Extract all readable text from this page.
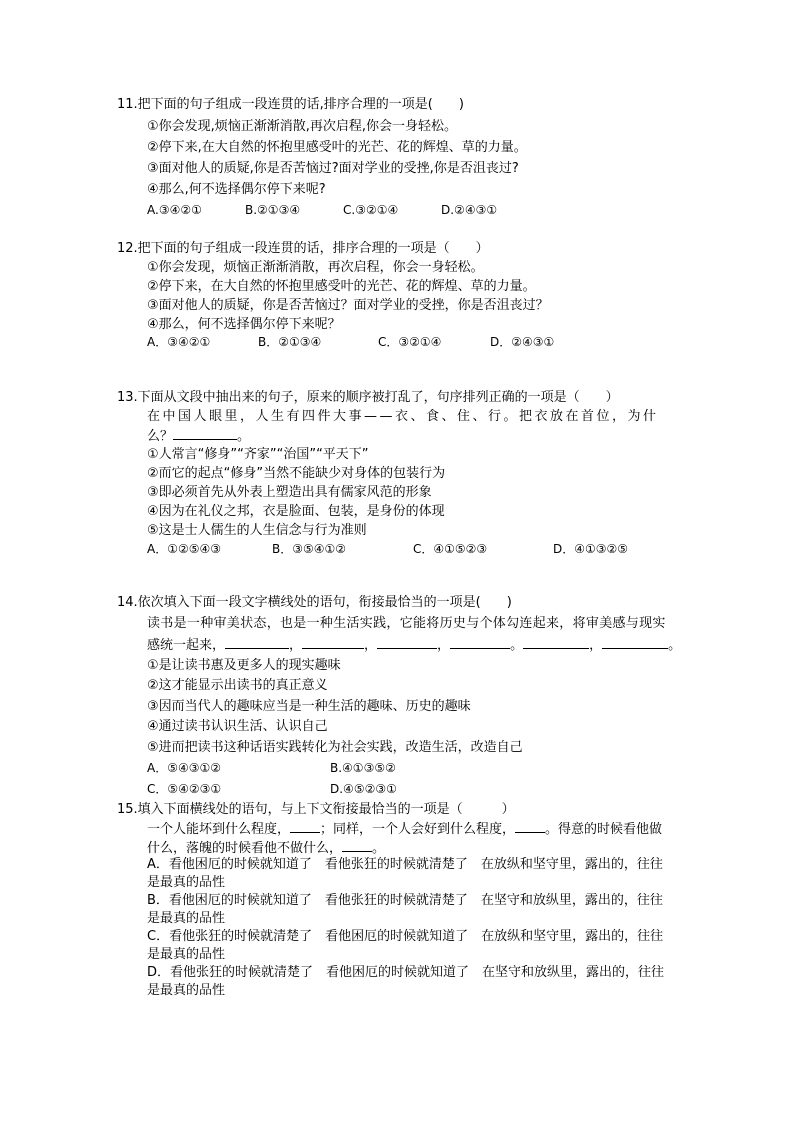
11.把下面的句子组成一段连贯的话,排序合理的一项是(　　)
①你会发现,烦恼正渐渐消散,再次启程,你会一身轻松。
②停下来,在大自然的怀抱里感受叶的光芒、花的辉煌、草的力量。
③面对他人的质疑,你是否苦恼过?面对学业的受挫,你是否沮丧过?
④那么,何不选择偶尔停下来呢?
A.③④②①	B.②①③④	C.③②①④	D.②④③①
12.把下面的句子组成一段连贯的话，排序合理的一项是（　　）
①你会发现，烦恼正渐渐消散，再次启程，你会一身轻松。
②停下来，在大自然的怀抱里感受叶的光芒、花的辉煌、草的力量。
③面对他人的质疑，你是否苦恼过？面对学业的受挫，你是否沮丧过？
④那么，何不选择偶尔停下来呢？
A．③④②①	B．②①③④	C．③②①④	D．②④③①
13.下面从文段中抽出来的句子，原来的顺序被打乱了，句序排列正确的一项是（　　）
在中国人眼里，人生有四件大事——衣、食、住、行。把衣放在首位，为什
么？	。
①人常言“修身”“齐家”“治国”“平天下”
②而它的起点“修身”当然不能缺少对身体的包装行为
③即必须首先从外表上塑造出具有儒家风范的形象
④因为在礼仪之邦，衣是脸面、包装，是身份的体现
⑤这是士人儒生的人生信念与行为准则
A．①②⑤④③	B．③⑤④①②	C．④①⑤②③	D．④①③②⑤
14.依次填入下面一段文字横线处的语句，衔接最恰当的一项是(　　)
读书是一种审美状态，也是一种生活实践，它能将历史与个体勾连起来，将审美感与现实
感统一起来，	，	，	，	。	，	。
①是让读书惠及更多人的现实趣味
②这才能显示出读书的真正意义
③因而当代人的趣味应当是一种生活的趣味、历史的趣味
④通过读书认识生活、认识自己
⑤进而把读书这种话语实践转化为社会实践，改造生活，改造自己
A．⑤④③①②	B.④①③⑤②
C．⑤④②③①	D.④⑤②③①
15.填入下面横线处的语句，与上下文衔接最恰当的一项是（　　　）
一个人能坏到什么程度， ；同样，一个人会好到什么程度， 。得意的时候看他做
什么，落魄的时候看他不做什么， 。
A．看他困厄的时候就知道了　看他张狂的时候就清楚了　在放纵和坚守里，露出的，往往
是最真的品性
B．看他困厄的时候就知道了　看他张狂的时候就清楚了　在坚守和放纵里，露出的，往往
是最真的品性
C．看他张狂的时候就清楚了　看他困厄的时候就知道了　在放纵和坚守里，露出的，往往
是最真的品性
D．看他张狂的时候就清楚了　看他困厄的时候就知道了　在坚守和放纵里，露出的，往往
是最真的品性
